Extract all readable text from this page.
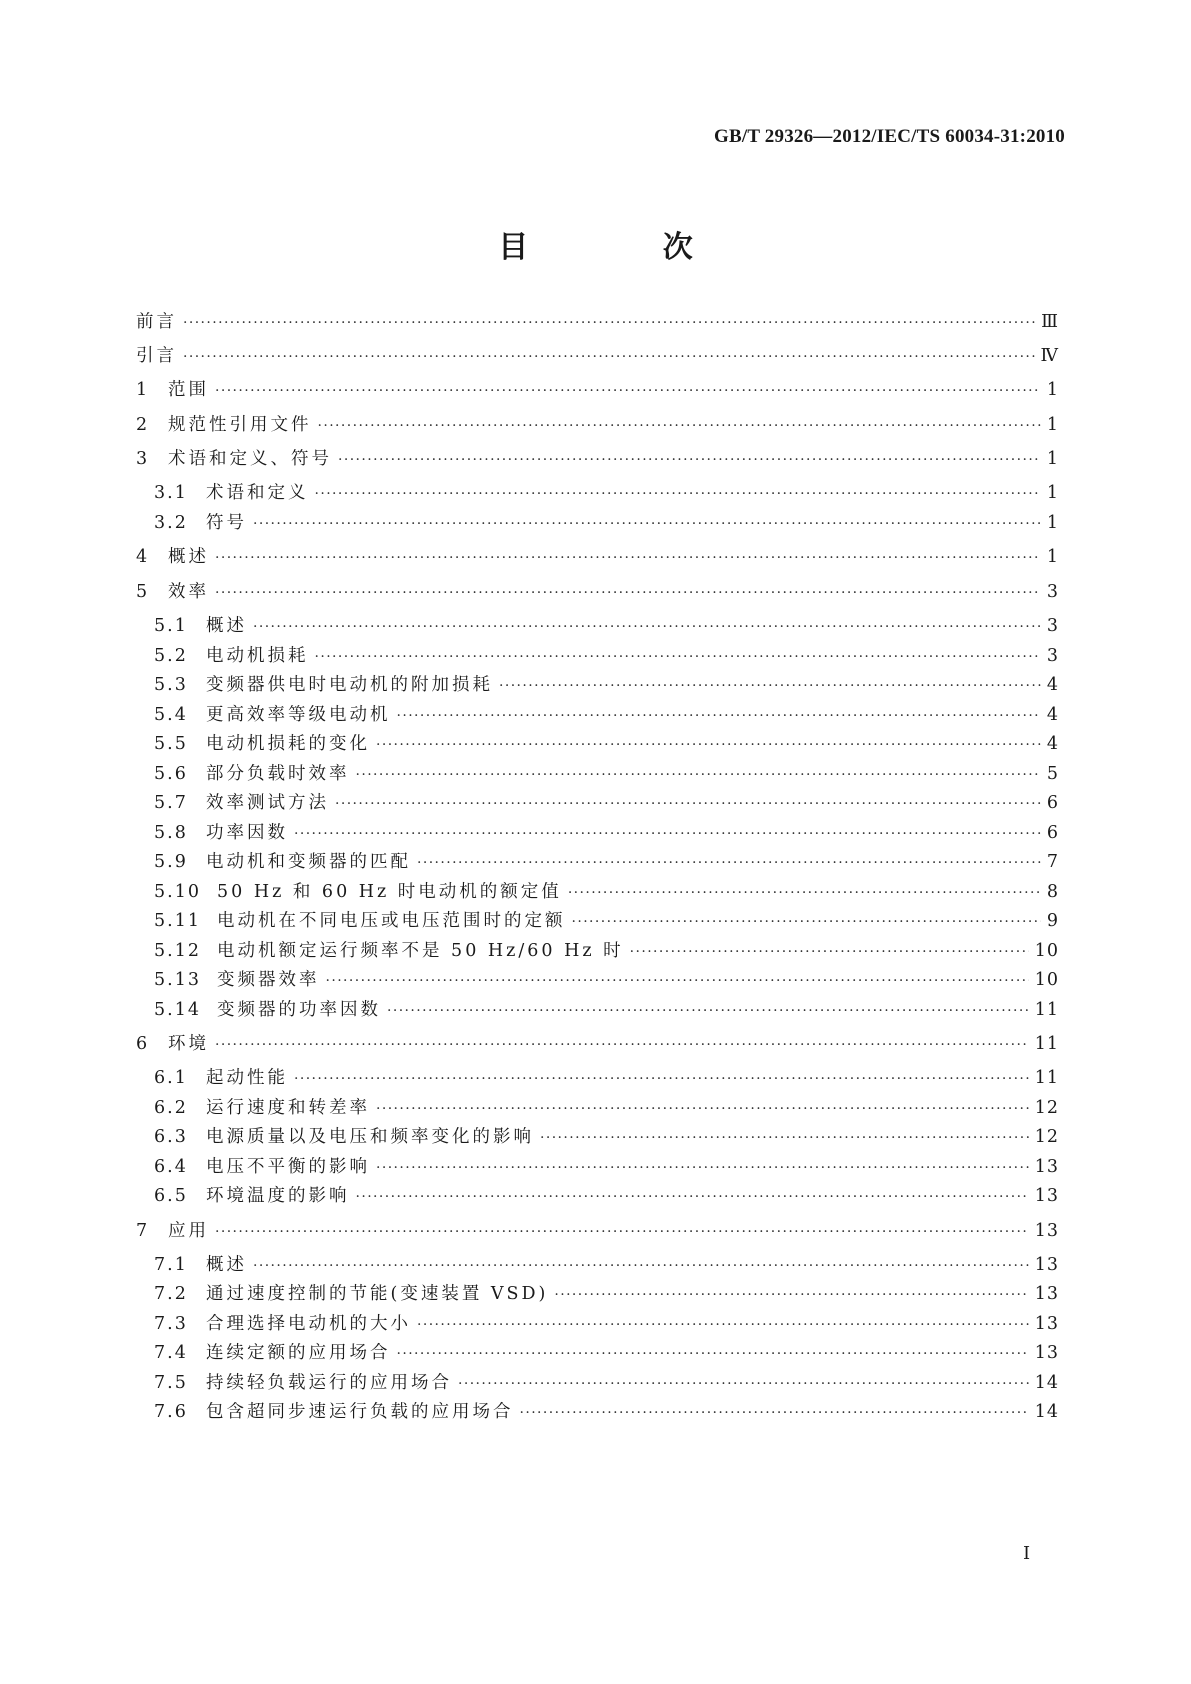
GB/T 29326—2012/IEC/TS 60034-31:2010
目 次
前言 ·····	Ⅲ
引言 ·····	Ⅳ
1	范围 ·····	1
2	规范性引用文件 ·····	1
3	术语和定义、符号 ·····	1
3.1	术语和定义 ·····	1
3.2	符号 ·····	1
4	概述 ·····	1
5	效率 ·····	3
5.1	概述 ·····	3
5.2	电动机损耗 ·····	3
5.3	变频器供电时电动机的附加损耗 ·····	4
5.4	更高效率等级电动机 ·····	4
5.5	电动机损耗的变化 ·····	4
5.6	部分负载时效率 ·····	5
5.7	效率测试方法 ·····	6
5.8	功率因数 ·····	6
5.9	电动机和变频器的匹配 ·····	7
5.10 50 Hz 和 60 Hz 时电动机的额定值 ·····	8
5.11 电动机在不同电压或电压范围时的定额 ·····	9
5.12 电动机额定运行频率不是 50 Hz/60 Hz 时 ·····	10
5.13 变频器效率 ·····	10
5.14 变频器的功率因数 ·····	11
6	环境 ·····	11
6.1	起动性能 ·····	11
6.2	运行速度和转差率 ·····	12
6.3	电源质量以及电压和频率变化的影响 ·····	12
6.4	电压不平衡的影响 ·····	13
6.5	环境温度的影响 ·····	13
7	应用 ·····	13
7.1	概述 ·····	13
7.2	通过速度控制的节能(变速装置 VSD) ·····	13
7.3	合理选择电动机的大小 ·····	13
7.4	连续定额的应用场合 ·····	13
7.5	持续轻负载运行的应用场合 ·····	14
7.6	包含超同步速运行负载的应用场合 ·····	14
I
